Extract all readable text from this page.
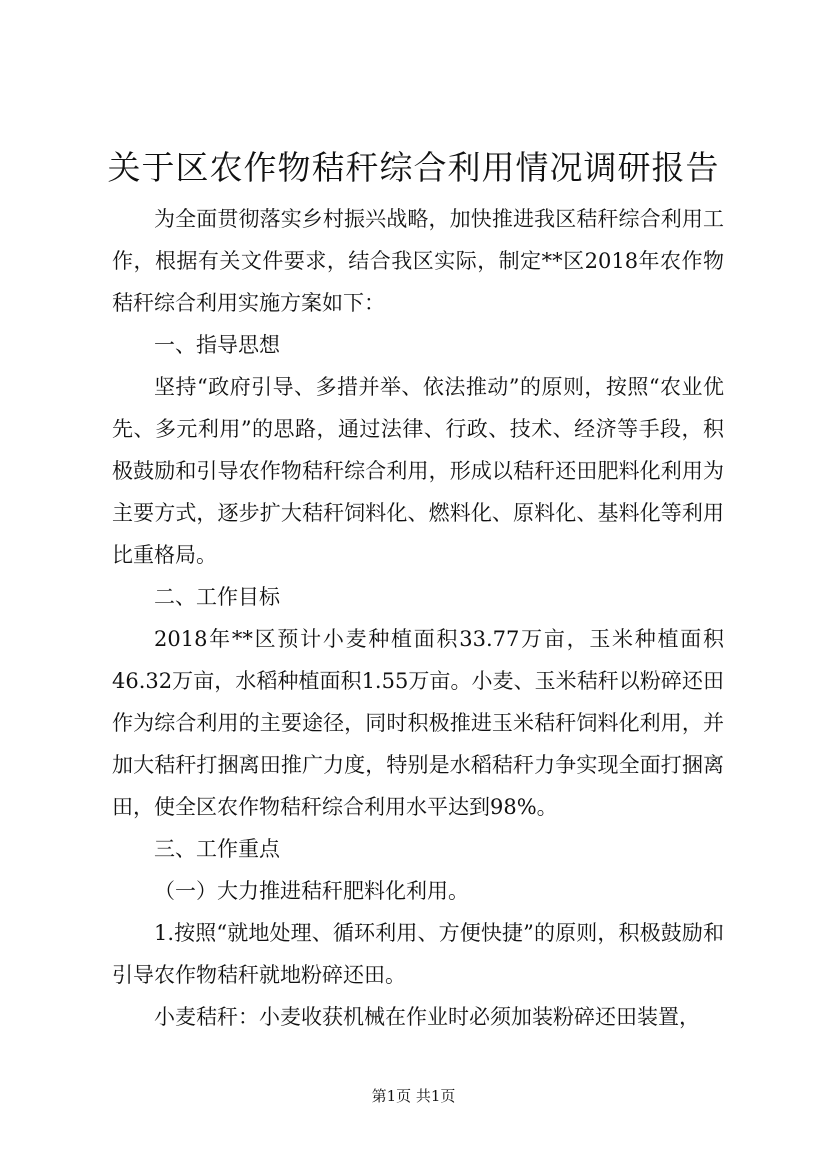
关于区农作物秸秆综合利用情况调研报告

为全面贯彻落实乡村振兴战略，加快推进我区秸秆综合利用工作，根据有关文件要求，结合我区实际，制定**区2018年农作物秸秆综合利用实施方案如下：

一、指导思想

坚持“政府引导、多措并举、依法推动”的原则，按照“农业优先、多元利用”的思路，通过法律、行政、技术、经济等手段，积极鼓励和引导农作物秸秆综合利用，形成以秸秆还田肥料化利用为主要方式，逐步扩大秸秆饲料化、燃料化、原料化、基料化等利用比重格局。

二、工作目标

2018年**区预计小麦种植面积33.77万亩，玉米种植面积46.32万亩，水稻种植面积1.55万亩。小麦、玉米秸秆以粉碎还田作为综合利用的主要途径，同时积极推进玉米秸秆饲料化利用，并加大秸秆打捆离田推广力度，特别是水稻秸秆力争实现全面打捆离田，使全区农作物秸秆综合利用水平达到98%。

三、工作重点

（一）大力推进秸秆肥料化利用。

1.按照“就地处理、循环利用、方便快捷”的原则，积极鼓励和引导农作物秸秆就地粉碎还田。

小麦秸秆：小麦收获机械在作业时必须加装粉碎还田装置，

第1页 共1页
